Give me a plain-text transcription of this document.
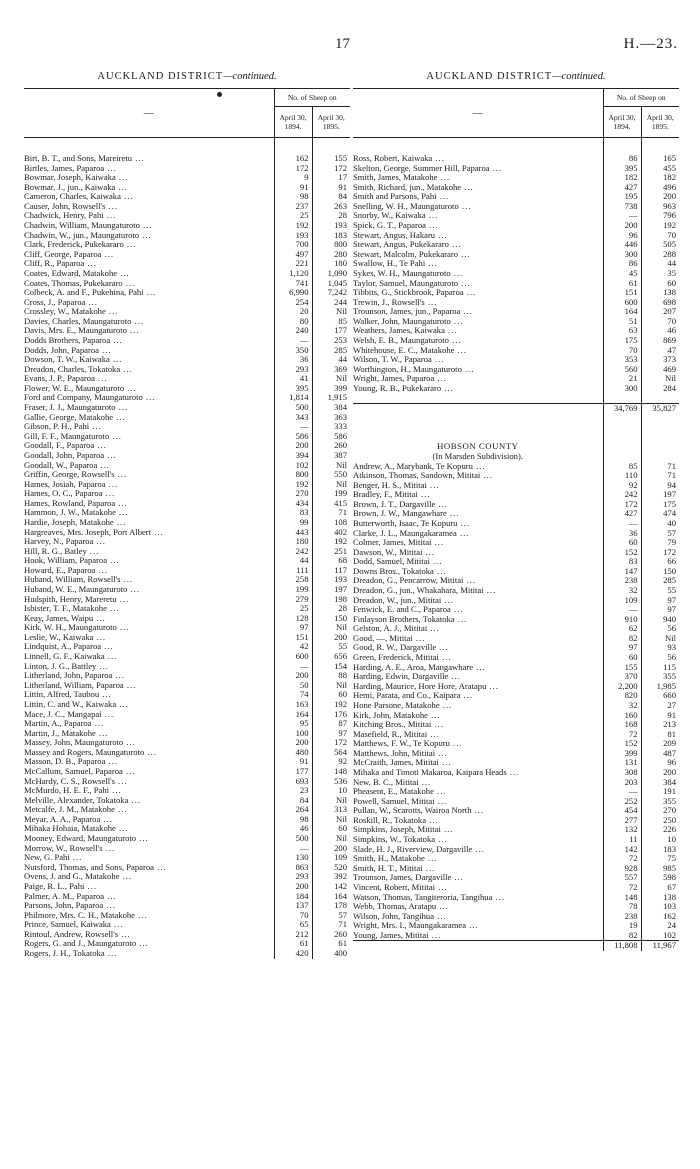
17	H.—23.
AUCKLAND DISTRICT—continued.
—	No. of Sheep on	
	April 30, 1894.	April 30, 1895.

Birt, B. T., and Sons, Mareiretu ...	162	155
Birtles, James, Paparoa ...	172	172
Bowmar, Joseph, Kaiwaka ...	9	17
Bowmar, J., jun., Kaiwaka ...	91	91
Cameron, Charles, Kaiwaka ...	98	84
Causer, John, Rowsell's ...	237	263
Chadwick, Henry, Pahi ...	25	28
Chadwin, William, Maungaturoto ...	192	193
Chadwin, W., jun., Maungaturoto ...	193	183
Clark, Frederick, Pukekararo ...	700	800
Cliff, George, Paparoa ...	497	280
Cliff, R., Paparoa ...	221	180
Coates, Edward, Matakohe ...	1,120	1,090
Coates, Thomas, Pukekararo ...	741	1,045
Colbeck, A. and F., Pukehina, Pahi ...	6,990	7,242
Cross, J., Paparoa ...	254	244
Crossley, W., Matakohe ...	20	Nil
Davies, Charles, Maungaturoto ...	80	85
Davis, Mrs. E., Maungaturoto ...	240	177
Dodds Brothers, Paparoa ...	—	253
Dodds, John, Paparoa ...	350	285
Dowson, T. W., Kaiwaka ...	36	44
Dreadon, Charles, Tokatoka ...	293	369
Evans, J. P., Paparoa ...	41	Nil
Flower, W. E., Maungaturoto ...	395	399
Ford and Company, Maungaturoto ...	1,814	1,915
Fraser, J. J., Maungaturoto ...	500	384
Gallie, George, Matakohe ...	343	363
Gibson, P. H., Pahi ...	—	333
Gill, F. F., Maungaturoto ...	586	586
Goodall, F., Paparoa ...	200	260
Goodall, John, Paparoa ...	394	387
Goodall, W., Paparoa ...	102	Nil
Griffin, George, Rowsell's ...	800	550
Hames, Josiah, Paparoa ...	192	Nil
Hames, O. C., Paparoa ...	270	199
Hames, Rowland, Paparoa ...	434	415
Hammon, J. W., Matakohe ...	83	71
Hardie, Joseph, Matakohe ...	99	108
Hargreaves, Mrs. Joseph, Port Albert ...	443	402
Harvey, N., Paparoa ...	180	192
Hill, R. G., Batley ...	242	251
Hook, William, Paparoa ...	44	68
Howard, E., Paparoa ...	111	117
Huband, William, Rowsell's ...	258	193
Huband, W. E., Maungaturoto ...	199	197
Hudspith, Henry, Mareretu ...	279	198
Isbister, T. F., Matakohe ...	25	28
Keay, James, Waipu ...	128	150
Kirk, W. H., Maungaturoto ...	97	Nil
Leslie, W., Kaiwaka ...	151	200
Lindquist, A., Paparoa ...	42	55
Linnell, G. F., Kaiwaka ...	600	656
Linton, J. G., Battley ...	—	154
Litherland, John, Paparoa ...	200	88
Litherland, William, Paparoa ...	50	Nil
Littin, Alfred, Taubou ...	74	60
Littin, C. and W., Kaiwaka ...	163	192
Mace, J. C., Mangapai ...	164	176
Martin, A., Paparoa ...	95	87
Martin, J., Matakohe ...	100	97
Massey, John, Maungaturoto ...	200	172
Massey and Rogers, Maungaturoto ...	480	564
Masson, D. B., Paparoa ...	91	92
McCallum, Samuel, Paparoa ...	177	148
McHardy, C. S., Rowsell's ...	693	536
McMurdo, H. E. F., Pahi ...	23	10
Melville, Alexander, Tokatoka ...	84	Nil
Metcalfe, J. M., Matakohe ...	264	313
Meyar, A. A., Paparoa ...	98	Nil
Mihaka Hohaia, Matakohe ...	46	60
Mooney, Edward, Maungaturoto ...	500	Nil
Morrow, W., Rowsell's ...	—	200
New, G. Pahi ...	130	109
Nutsford, Thomas, and Sons, Paparoa ...	863	520
Ovens, J. and G., Matakohe ...	293	392
Paige, R. L., Pahi ...	200	142
Palmer, A. M., Paparoa ...	184	164
Parsons, John, Paparoa ...	137	178
Philmore, Mrs. C. H., Matakohe ...	70	57
Prince, Samuel, Kaiwaka ...	65	71
Rintoul, Andrew, Rowsell's ...	212	260
Rogers, G. and J., Maungaturoto ...	61	61
Rogers, J. H., Tokatoka ...	420	400
AUCKLAND DISTRICT—continued.
—	No. of Sheep on	
	April 30, 1894.	April 30, 1895.

Ross, Robert, Kaiwaka ...	86	165
Skelton, George, Summer Hill, Paparoa ...	395	455
Smith, James, Matakohe ...	182	182
Smith, Richard, jun., Matakohe ...	427	496
Smith and Parsons, Pahi ...	195	200
Snelling, W. H., Maungaturoto ...	738	963
Snorby, W., Kaiwaka ...	—	796
Spick, G. T., Paparoa ...	200	192
Stewart, Angus, Hakaru ...	96	70
Stewart, Angus, Pukekararo ...	446	505
Stewart, Malcolm, Pukekararo ...	300	288
Swallow, H., Te Pahi ...	86	44
Sykes, W. H., Maungaturoto ...	45	35
Taylor, Samuel, Maungaturoto ...	61	60
Tibbits, G., Stickbrook, Paparoa ...	151	138
Trewin, J., Rowsell's ...	600	698
Trounson, James, jun., Paparoa ...	164	207
Walker, John, Maungaturoto ...	51	70
Weathers, James, Kaiwaka ...	63	46
Welsh, E. B., Maungaturoto ...	175	869
Whitehouse, E. C., Matakohe ...	70	47
Wilson, T. W., Paparoa ...	353	373
Worthington, H., Maungaturoto ...	560	469
Wright, James, Paparoa ...	21	Nil
Young, R. B., Pukekararo ...	300	284

	34,769	35,827

HOBSON COUNTY		
(In Marsden Subdivision).		
Andrew, A., Marybank, Te Kopuru ...	85	71
Atkinson, Thomas, Sandown, Mititai ...	110	71
Benger, H. S., Mititai ...	92	94
Bradley, F., Mititai ...	242	197
Brown, J. T., Dargaville ...	172	175
Brown, J. W., Mangawhare ...	427	474
Butterworth, Isaac, Te Kopuru ...	—	40
Clarke, J. L., Maungakaramea ...	36	57
Colmer, James, Mititai ...	60	79
Dawson, W., Mititai ...	152	172
Dodd, Samuel, Mititai ...	83	66
Downs Bros., Tokatoka ...	147	150
Dreadon, G., Pencarrow, Mititai ...	238	285
Dreadon, G., jun., Whakahara, Mititai ...	32	55
Dreadon, W., jun., Mititai ...	109	97
Fenwick, E. and C., Paparoa ...	—	97
Finlayson Brothers, Tokatoka ...	910	940
Gelston, A. J., Mititai ...	62	56
Good, —, Mititai ...	82	Nil
Good, R. W., Dargaville ...	97	93
Green, Frederick, Mititai ...	60	56
Harding, A. E., Aroa, Mangawhare ...	155	115
Harding, Edwin, Dargaville ...	370	355
Harding, Maurice, Hore Hore, Aratapu ...	2,200	1,985
Hemi, Parata, and Co., Kaipara ...	820	660
Hone Parsone, Matakohe ...	32	27
Kirk, John, Matakohe ...	160	91
Kitching Bros., Mititai ...	168	213
Masefield, R., Mititai ...	72	81
Matthews, F. W., Te Kopuru ...	152	209
Matthews, John, Mititai ...	399	487
McCraith, James, Mititai ...	131	96
Mihaka and Timoti Makaroa, Kaipara Heads ...	308	200
New, B. C., Mititai ...	203	384
Pheasent, E., Matakohe ...	—	191
Powell, Samuel, Mititai ...	252	355
Pullan, W., Scarotts, Wairoa North ...	454	270
Roskill, R., Tokatoka ...	277	250
Simpkins, Joseph, Mititai ...	132	226
Simpkins, W., Tokatoka ...	11	10
Slade, H. J., Riverview, Dargaville ...	142	183
Smith, H., Matakohe ...	72	75
Smith, H. T., Mititai ...	928	985
Trounson, James, Dargaville ...	557	598
Vincent, Robert, Mititai ...	72	67
Watson, Thomas, Tangiteroria, Tangihua ...	148	138
Webb, Thomas, Aratapu ...	78	103
Wilson, John, Tangihua ...	238	162
Wright, Mrs. I., Maungakaramea ...	19	24
Young, James, Mititai ...	82	102
	11,808	11,967
